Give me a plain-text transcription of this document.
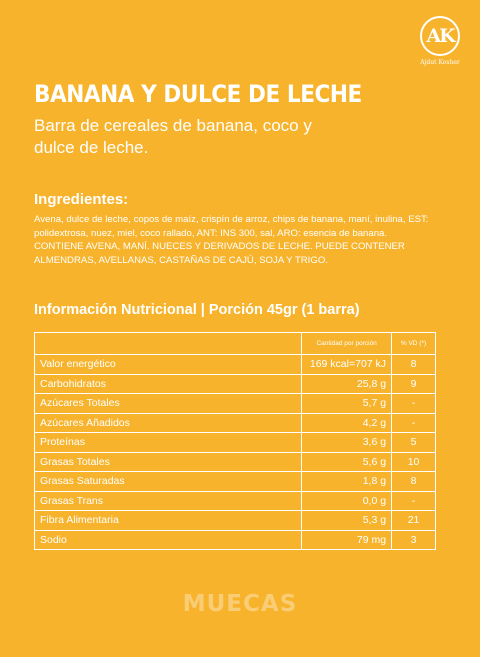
AK
Ajdut Kosher
BANANA Y DULCE DE LECHE

Barra de cereales de banana, coco y dulce de leche.

Ingredientes:

Avena, dulce de leche, copos de maíz, crispín de arroz, chips de banana, maní, inulina, EST: polidextrosa, nuez, miel, coco rallado, ANT: INS 300, sal, ARO: esencia de banana. CONTIENE AVENA, MANÍ. NUECES Y DERIVADOS DE LECHE. PUEDE CONTENER ALMENDRAS, AVELLANAS, CASTAÑAS DE CAJÚ, SOJA Y TRIGO.

Información Nutricional | Porción 45gr (1 barra)
	Cantidad por porción	% VD (*)
Valor energético	169 kcal=707 kJ	8
Carbohidratos	25,8 g	9
Azúcares Totales	5,7 g	-
Azúcares Añadidos	4,2 g	-
Proteínas	3,6 g	5
Grasas Totales	5,6 g	10
Grasas Saturadas	1,8 g	8
Grasas Trans	0,0 g	-
Fibra Alimentaria	5,3 g	21
Sodio	79 mg	3
MUECAS
